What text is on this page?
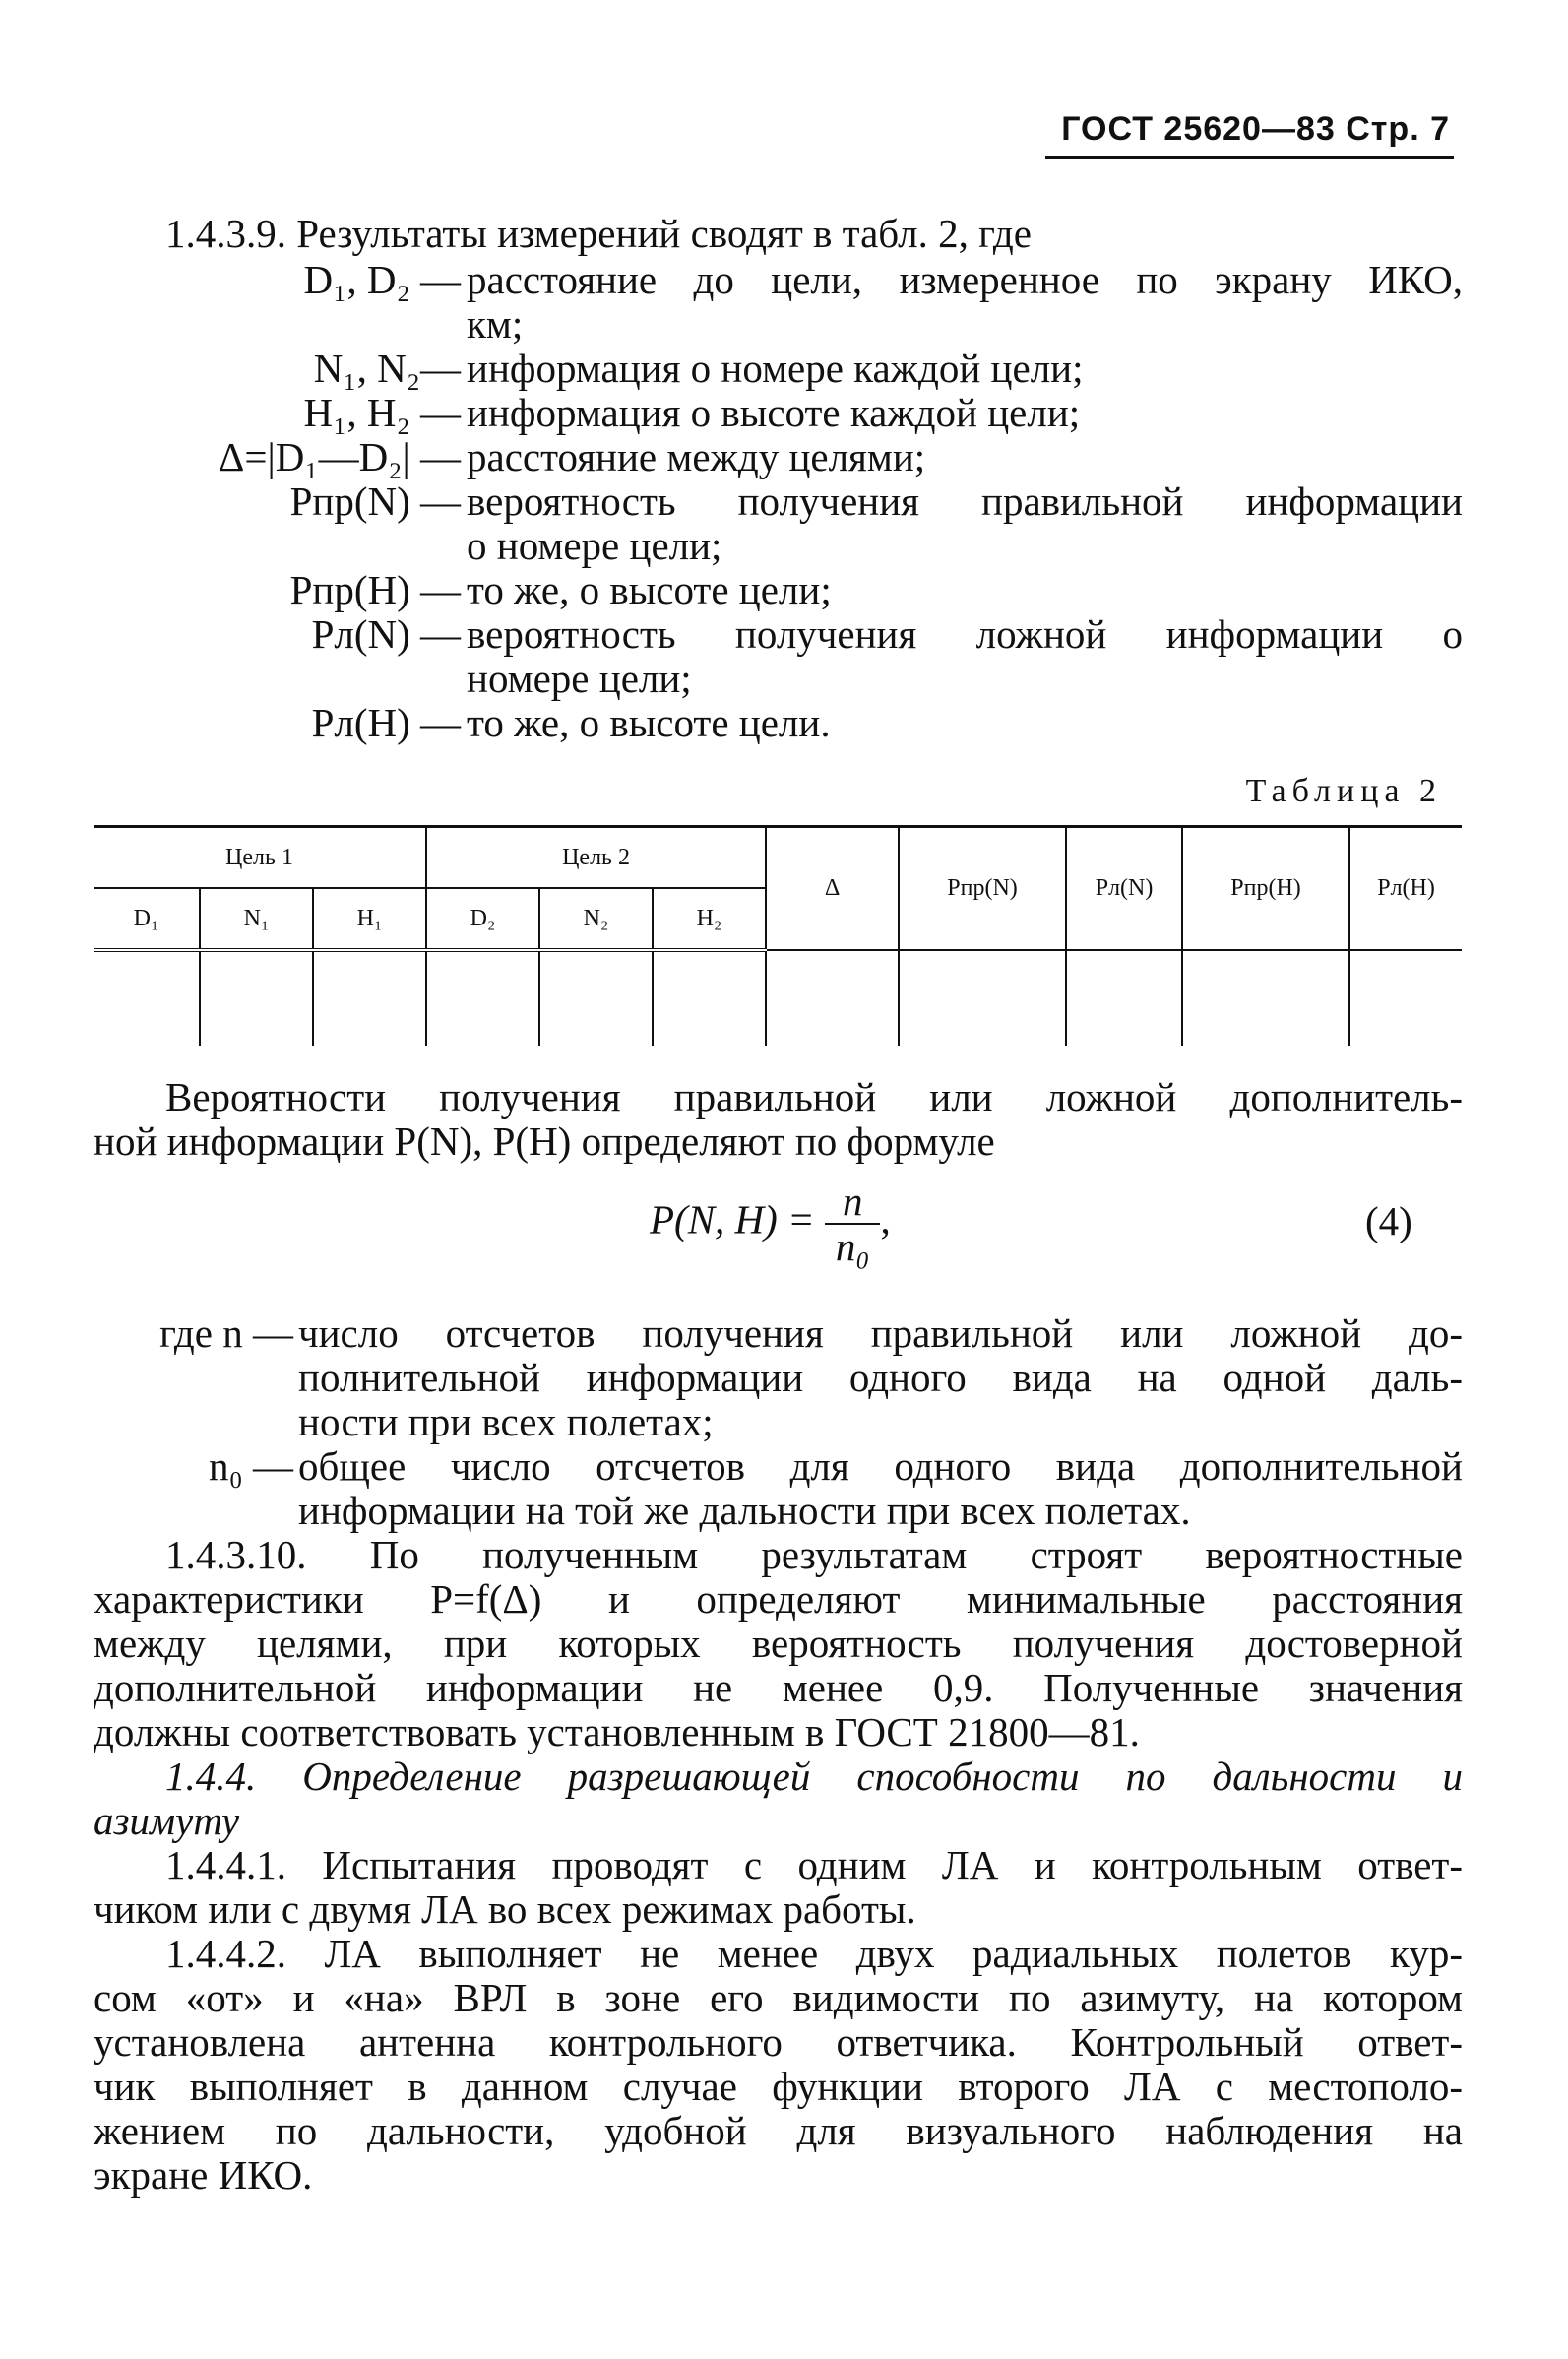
ГОСТ 25620—83 Стр. 7
1.4.3.9. Результаты измерений сводят в табл. 2, где
D₁, D₂ — расстояние до цели, измеренное по экрану ИКО,
км;
N₁, N₂— информация о номере каждой цели;
H₁, H₂ — информация о высоте каждой цели;
Δ=|D₁—D₂| — расстояние между целями;
Pпр(N) — вероятность получения правильной информации
о номере цели;
Pпр(H) — то же, о высоте цели;
Pл(N) — вероятность получения ложной информации о
номере цели;
Pл(H) — то же, о высоте цели.
Таблица 2
Цель 1			Цель 2			Δ	Pпр(N)	Pл(N)	Pпр(H)	Pл(H)
D₁	N₁	H₁	D₂	N₂	H₂					

Вероятности получения правильной или ложной дополнитель-
ной информации P(N), P(H) определяют по формуле
P(N, $H) = \frac{n}{\text{n₀}}$ ,	(4)
где n — число отсчетов получения правильной или ложной до-
полнительной информации одного вида на одной даль-
ности при всех полетах;
n₀ — общее число отсчетов для одного вида дополнительной
информации на той же дальности при всех полетах.
1.4.3.10. По полученным результатам строят вероятностные
характеристики P=f(Δ) и определяют минимальные расстояния
между целями, при которых вероятность получения достоверной
дополнительной информации не менее 0,9. Полученные значения
должны соответствовать установленным в ГОСТ 21800—81.
1.4.4. Определение разрешающей способности по дальности и
азимуту
1.4.4.1. Испытания проводят с одним ЛА и контрольным ответ-
чиком или с двумя ЛА во всех режимах работы.
1.4.4.2. ЛА выполняет не менее двух радиальных полетов кур-
сом «от» и «на» ВРЛ в зоне его видимости по азимуту, на котором
установлена антенна контрольного ответчика. Контрольный ответ-
чик выполняет в данном случае функции второго ЛА с местополо-
жением по дальности, удобной для визуального наблюдения на
экране ИКО.
